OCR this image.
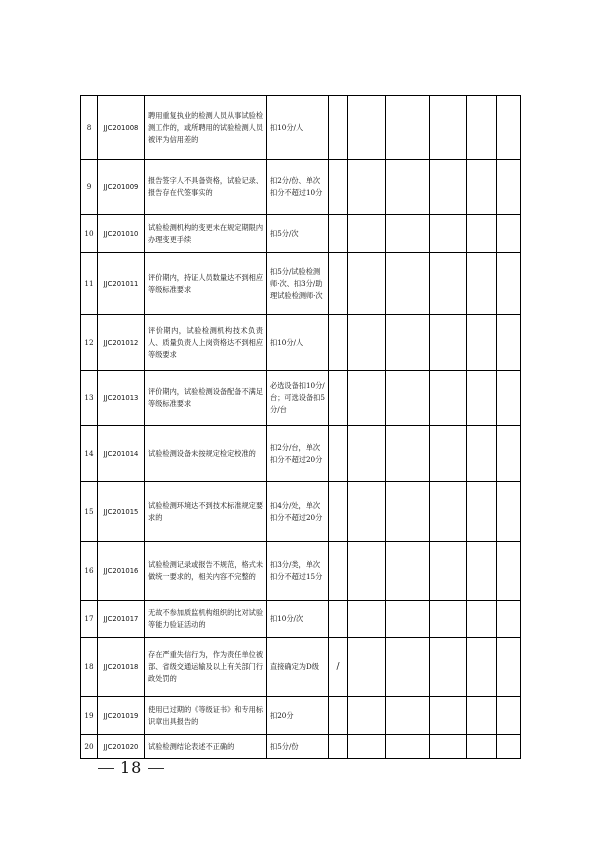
8	JJC201008	聘用重复执业的检测人员从事试验检测工作的，或所聘用的试验检测人员被评为信用差的	扣10分/人						
9	JJC201009	报告签字人不具备资格，试验记录、报告存在代签事实的	扣2分/份、单次扣分不超过10分						
10	JJC201010	试验检测机构的变更未在规定期限内办理变更手续	扣5分/次						
11	JJC201011	评价期内，持证人员数量达不到相应等级标准要求	扣5分/试验检测师·次、扣3分/助理试验检测师·次						
12	JJC201012	评价期内，试验检测机构技术负责人、质量负责人上岗资格达不到相应等级要求	扣10分/人						
13	JJC201013	评价期内，试验检测设备配备不满足等级标准要求	必选设备扣10分/台；可选设备扣5分/台						
14	JJC201014	试验检测设备未按规定检定校准的	扣2分/台，单次扣分不超过20分						
15	JJC201015	试验检测环境达不到技术标准规定要求的	扣4分/处，单次扣分不超过20分						
16	JJC201016	试验检测记录或报告不规范，格式未做统一要求的，相关内容不完整的	扣3分/类，单次扣分不超过15分						
17	JJC201017	无故不参加质监机构组织的比对试验等能力验证活动的	扣10分/次						
18	JJC201018	存在严重失信行为，作为责任单位被部、省级交通运输及以上有关部门行政处罚的	直接确定为D级	/					
19	JJC201019	使用已过期的《等级证书》和专用标识章出具报告的	扣20分						
20	JJC201020	试验检测结论表述不正确的	扣5分/份						
18
